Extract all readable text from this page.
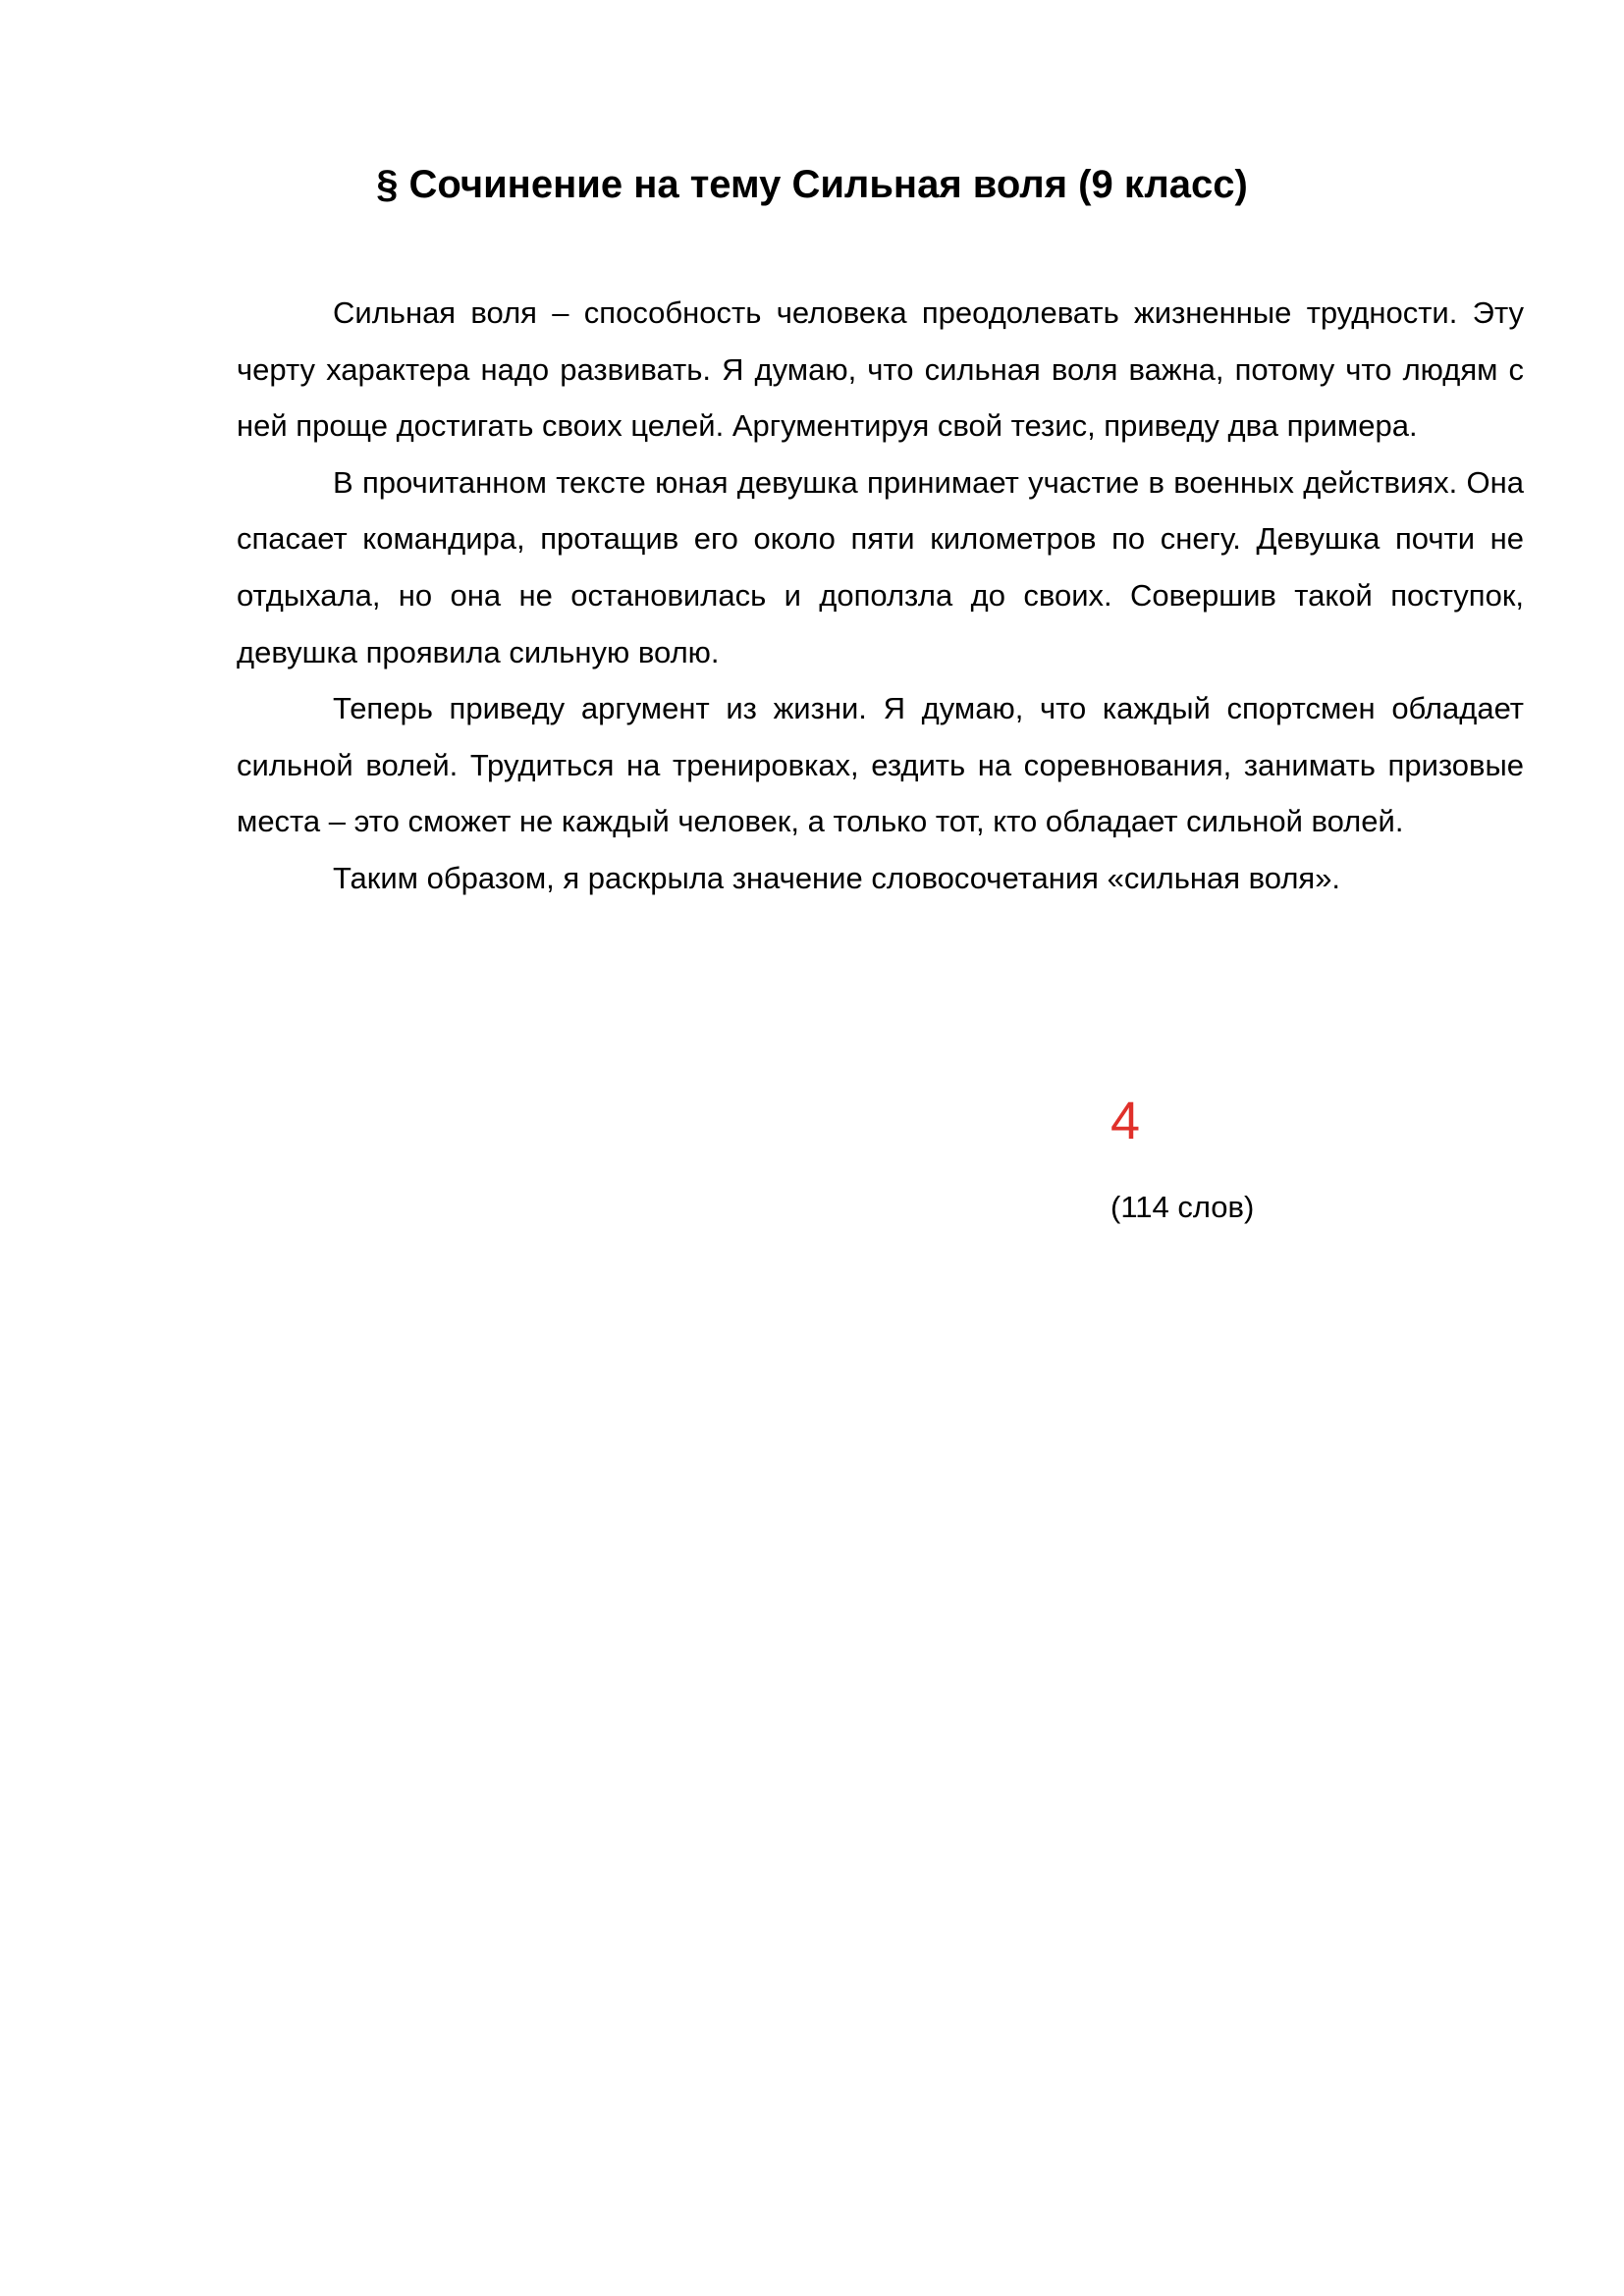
§ Сочинение на тему Сильная воля (9 класс)

Сильная воля – способность человека преодолевать жизненные трудности. Эту черту характера надо развивать. Я думаю, что сильная воля важна, потому что людям с ней проще достигать своих целей. Аргументируя свой тезис, приведу два примера.

В прочитанном тексте юная девушка принимает участие в военных действиях. Она спасает командира, протащив его около пяти километров по снегу. Девушка почти не отдыхала, но она не остановилась и доползла до своих. Совершив такой поступок, девушка проявила сильную волю.

Теперь приведу аргумент из жизни. Я думаю, что каждый спортсмен обладает сильной волей. Трудиться на тренировках, ездить на соревнования, занимать призовые места – это сможет не каждый человек, а только тот, кто обладает сильной волей.

Таким образом, я раскрыла значение словосочетания «сильная воля».

4
(114 слов)
